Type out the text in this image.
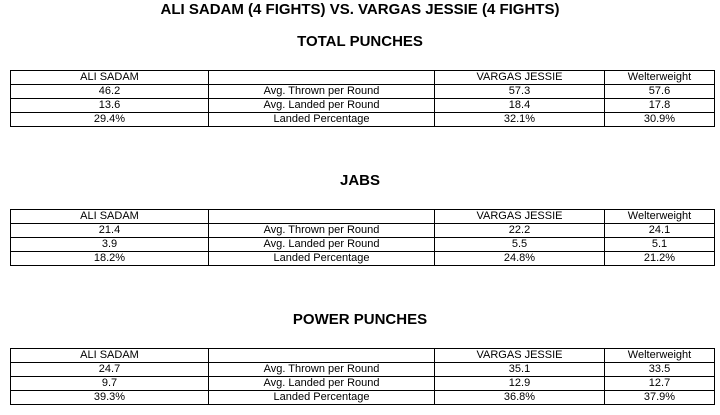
ALI SADAM (4 FIGHTS) VS. VARGAS JESSIE (4 FIGHTS)
TOTAL PUNCHES
ALI SADAM		VARGAS JESSIE	Welterweight
46.2	Avg. Thrown per Round	57.3	57.6
13.6	Avg. Landed per Round	18.4	17.8
29.4%	Landed Percentage	32.1%	30.9%
JABS
ALI SADAM		VARGAS JESSIE	Welterweight
21.4	Avg. Thrown per Round	22.2	24.1
3.9	Avg. Landed per Round	5.5	5.1
18.2%	Landed Percentage	24.8%	21.2%
POWER PUNCHES
ALI SADAM		VARGAS JESSIE	Welterweight
24.7	Avg. Thrown per Round	35.1	33.5
9.7	Avg. Landed per Round	12.9	12.7
39.3%	Landed Percentage	36.8%	37.9%
